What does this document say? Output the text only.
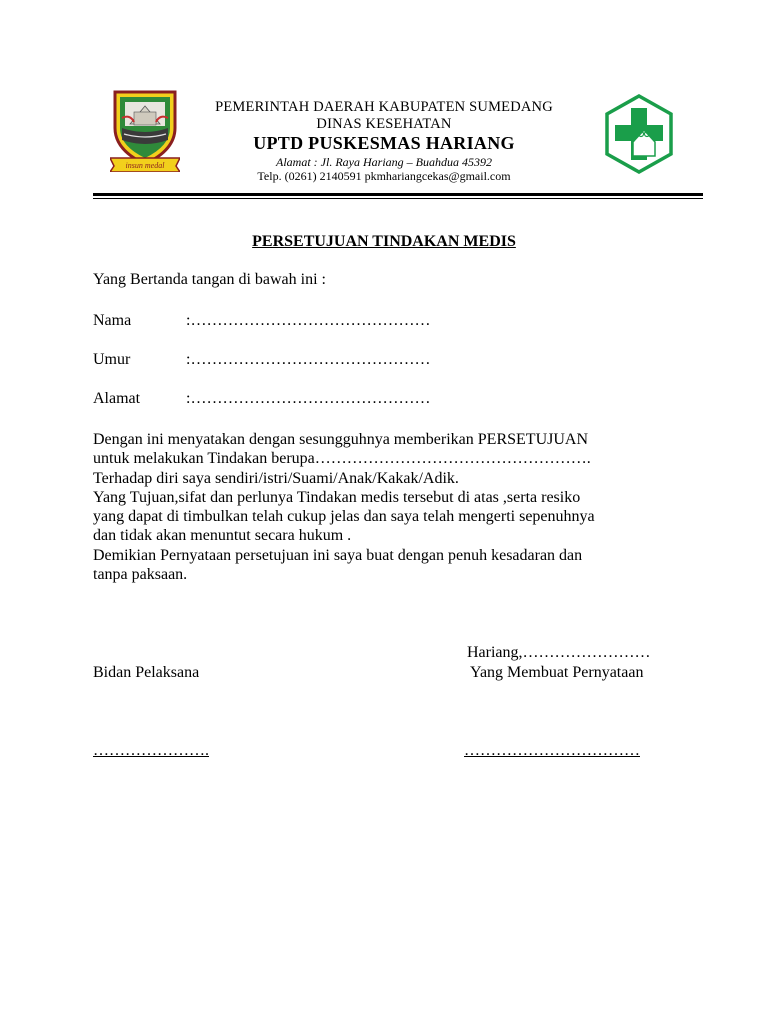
insun medal
PEMERINTAH DAERAH KABUPATEN SUMEDANG
DINAS KESEHATAN
UPTD PUSKESMAS HARIANG
Alamat : Jl. Raya Hariang – Buahdua 45392
Telp. (0261) 2140591 pkmhariangcekas@gmail.com
PERSETUJUAN TINDAKAN MEDIS
Yang Bertanda tangan di bawah ini :
Nama	:………………………………………
Umur	:………………………………………
Alamat	:………………………………………
Dengan ini menyatakan dengan sesungguhnya memberikan PERSETUJUAN
untuk melakukan Tindakan berupa…………………………………………….
Terhadap diri saya sendiri/istri/Suami/Anak/Kakak/Adik.
Yang Tujuan,sifat dan perlunya Tindakan medis tersebut di atas ,serta resiko
yang dapat di timbulkan telah cukup jelas dan saya telah mengerti sepenuhnya
dan tidak akan menuntut secara hukum .
Demikian Pernyataan persetujuan ini saya buat dengan penuh kesadaran dan
tanpa paksaan.
Hariang,……………………
Bidan Pelaksana	Yang Membuat Pernyataan
………………….	……………………………
